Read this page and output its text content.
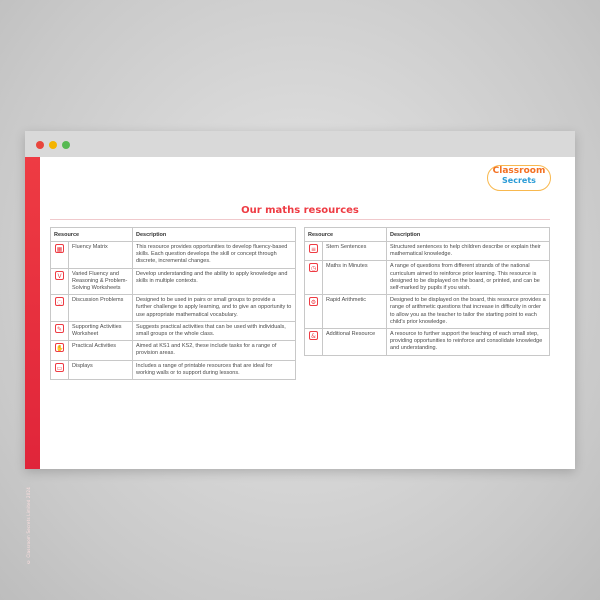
© Classroom Secrets Limited 2024
Classroom
Secrets
Our maths resources
Resource		Description
▦	Fluency Matrix	This resource provides opportunities to develop fluency-based skills. Each question develops the skill or concept through discrete, incremental changes.
V	Varied Fluency and Reasoning & Problem-Solving Worksheets	Develop understanding and the ability to apply knowledge and skills in multiple contexts.
◌	Discussion Problems	Designed to be used in pairs or small groups to provide a further challenge to apply learning, and to give an opportunity to use appropriate mathematical vocabulary.
✎	Supporting Activities Worksheet	Suggests practical activities that can be used with individuals, small groups or the whole class.
✋	Practical Activities	Aimed at KS1 and KS2, these include tasks for a range of provision areas.
▭	Displays	Includes a range of printable resources that are ideal for working walls or to support during lessons.
Resource		Description
≡	Stem Sentences	Structured sentences to help children describe or explain their mathematical knowledge.
◷	Maths in Minutes	A range of questions from different strands of the national curriculum aimed to reinforce prior learning. This resource is designed to be displayed on the board, or printed, and can be self-marked by pupils if you wish.
⚙	Rapid Arithmetic	Designed to be displayed on the board, this resource provides a range of arithmetic questions that increase in difficulty in order to allow you as the teacher to tailor the starting point to each child's prior knowledge.
&	Additional Resource	A resource to further support the teaching of each small step, providing opportunities to reinforce and consolidate knowledge and understanding.
